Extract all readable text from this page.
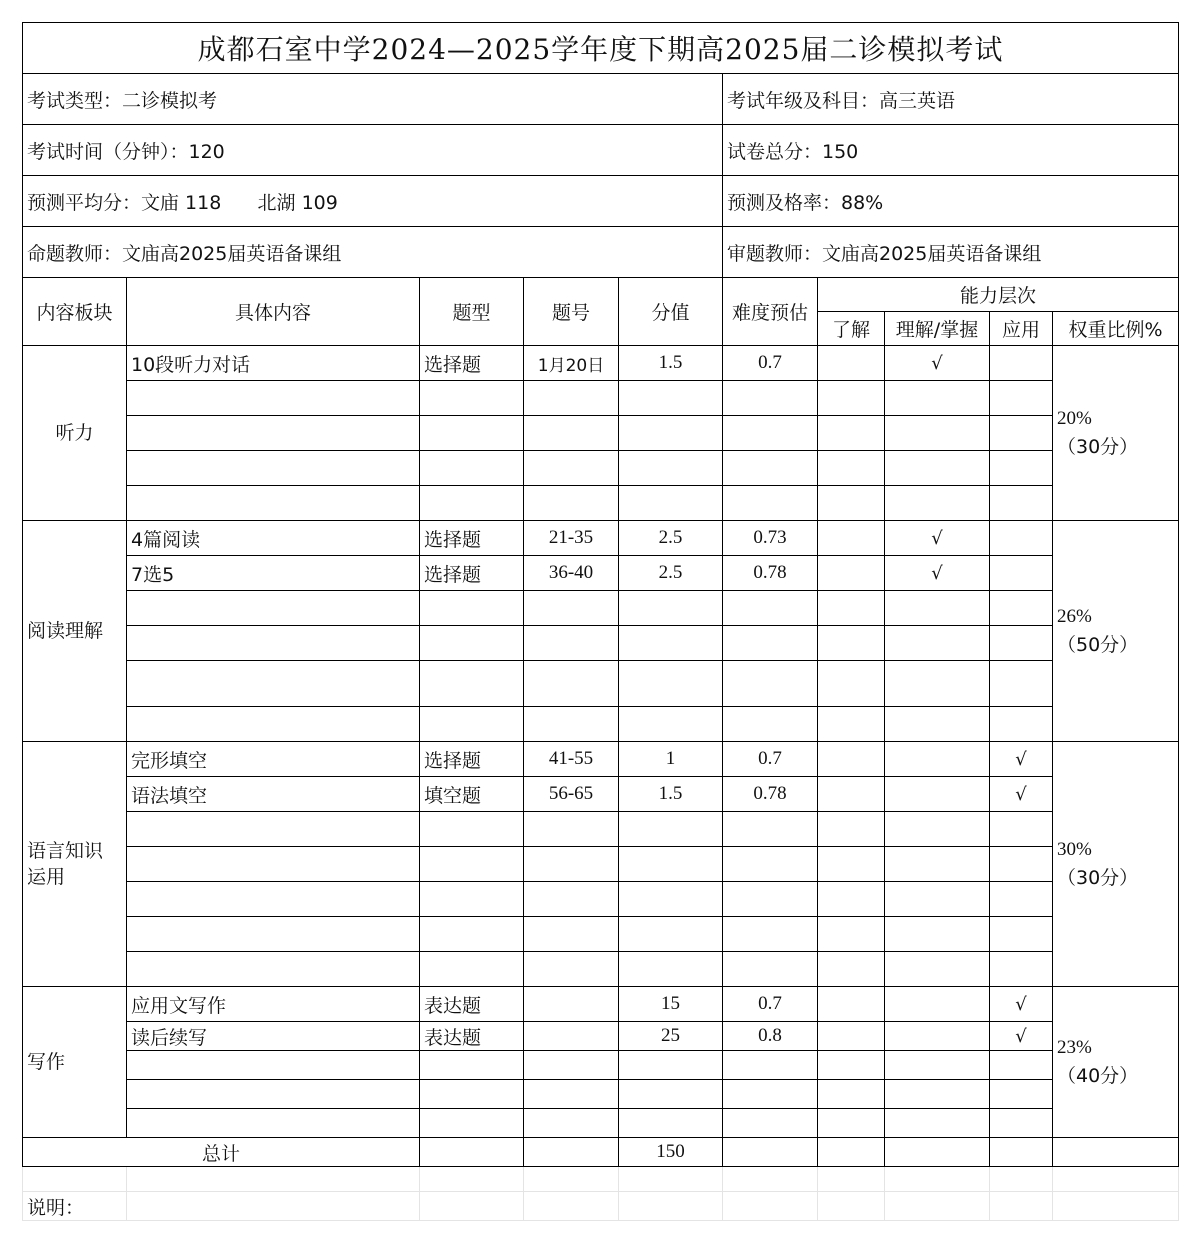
成都石室中学2024—2025学年度下期高2025届二诊模拟考试									
考试类型：二诊模拟考					考试年级及科目：高三英语				
考试时间（分钟）：120					试卷总分：150				
预测平均分：文庙 118      北湖 109					预测及格率：88%				
命题教师：文庙高2025届英语备课组					审题教师：文庙高2025届英语备课组				
内容板块	具体内容	题型	题号	分值	难度预估	能力层次			
						了解	理解/掌握	应用	权重比例%
听力	10段听力对话	选择题	1月20日	1.5	0.7		√		20%
（30分）

阅读理解	4篇阅读	选择题	21-35	2.5	0.73		√		26%
（50分）

	7选5	选择题	36-40	2.5	0.78		√		

语言知识运用	完形填空	选择题	41-55	1	0.7			√	30%
（30分）

	语法填空	填空题	56-65	1.5	0.78			√	

写作	应用文写作	表达题		15	0.7			√	23%
（40分）

	读后续写	表达题		25	0.8			√	

总计				150					

说明：									
